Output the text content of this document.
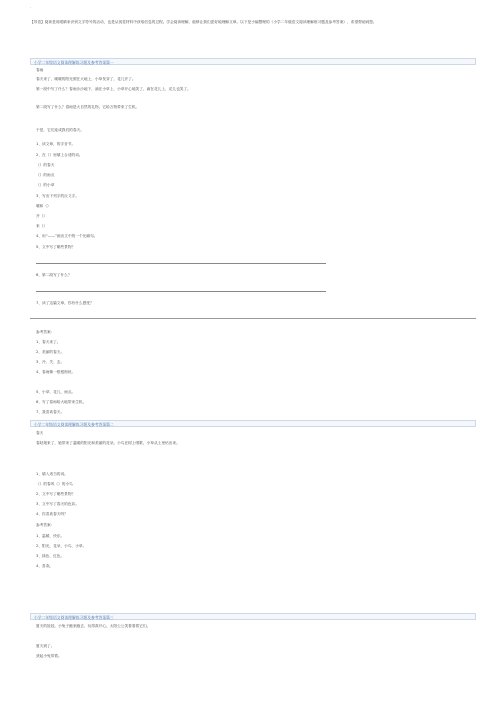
·
【导语】阅读是用眼睛来识别文字符号的活动，也是从视觉材料中获取信息的过程。学会阅读理解，能够让我们更好地理解文章。以下是小编整理的《小学二年级语文阅读理解练习题及参考答案》，希望帮助到您。
小学二年级语文阅读理解练习题及参考答案篇一
春雨
春天来了，暖暖的阳光照在大地上，小草发芽了，花儿开了。
第一段中写了什么？春雨沙沙地下，滴在小草上，小草开心地笑了，滴在花儿上，花儿也笑了。
第二段写了什么？春雨是大自然的礼物，它给万物带来了生机。
于是，它们连成我们的春天。
1、读文章，的字音节。
2、在（）里填上合适的词。
（）的春天
（）的雨点
（）的小草
3、写出下列字的反义字。
暖和（）
开（）
来（）
4、用“——”画出文中的一个比喻句。
5、文中写了哪些景物？
6、第二段写了什么？
7、读了这篇文章，你有什么感受？
参考答案：
1、春天来了。
2、美丽的春天。
3、冷、关、去。
4、春雨像一根根细丝。
5、小草、花儿、雨点。
6、写了春雨给大地带来生机。
7、我喜欢春天。
小学二年级语文阅读理解练习题及参考答案篇二
春天
春姑娘来了，她带来了温暖的阳光和美丽的花朵。小鸟在树上唱歌，小草从土里钻出来。
1、填入适当的词。
（）的春风（）的小鸟
2、文中写了哪些景物？
3、文中写了春天的色彩。
4、你喜欢春天吗？
参考答案：
1、温暖、快乐。
2、阳光、花朵、小鸟、小草。
3、绿色、红色。
4、喜欢。
小学二年级语文阅读理解练习题及参考答案篇三
夏天的娃娃。小兔子跑来跑去，玩得真开心。太阳公公笑着看着它们。
夏天到了。
获起小兔带着。
